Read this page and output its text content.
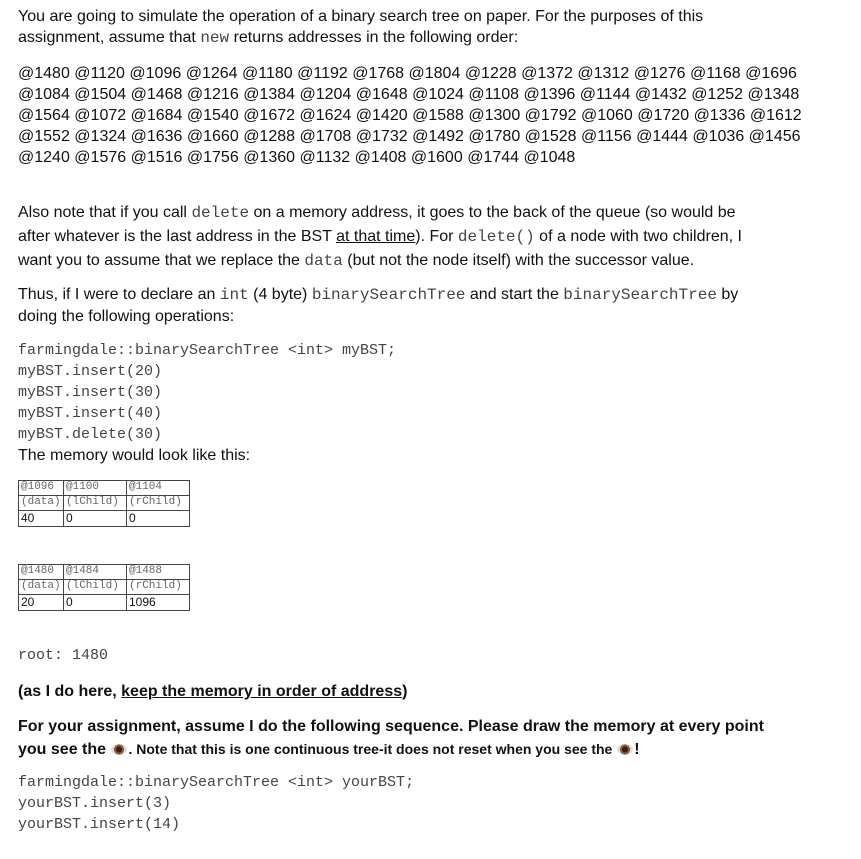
You are going to simulate the operation of a binary search tree on paper. For the purposes of this
assignment, assume that new returns addresses in the following order:
@1480 @1120 @1096 @1264 @1180 @1192 @1768 @1804 @1228 @1372 @1312 @1276 @1168 @1696 @1084 @1504 @1468 @1216 @1384 @1204 @1648 @1024 @1108 @1396 @1144 @1432 @1252 @1348 @1564 @1072 @1684 @1540 @1672 @1624 @1420 @1588 @1300 @1792 @1060 @1720 @1336 @1612 @1552 @1324 @1636 @1660 @1288 @1708 @1732 @1492 @1780 @1528 @1156 @1444 @1036 @1456 @1240 @1576 @1516 @1756 @1360 @1132 @1408 @1600 @1744 @1048
Also note that if you call delete on a memory address, it goes to the back of the queue (so would be
after whatever is the last address in the BST at that time). For delete() of a node with two children, I
want you to assume that we replace the data (but not the node itself) with the successor value.
Thus, if I were to declare an int (4 byte) binarySearchTree and start the binarySearchTree by
doing the following operations:
farmingdale::binarySearchTree <int> myBST;
myBST.insert(20)
myBST.insert(30)
myBST.insert(40)
myBST.delete(30)
The memory would look like this:
@1096	@1100	@1104
(data)	(lChild)	(rChild)
40	0	0
@1480	@1484	@1488
(data)	(lChild)	(rChild)
20	0	1096
root: 1480
(as I do here, keep the memory in order of address)
For your assignment, assume I do the following sequence. Please draw the memory at every point
you see the . Note that this is one continuous tree-it does not reset when you see the !
farmingdale::binarySearchTree <int> yourBST;
yourBST.insert(3)
yourBST.insert(14)
